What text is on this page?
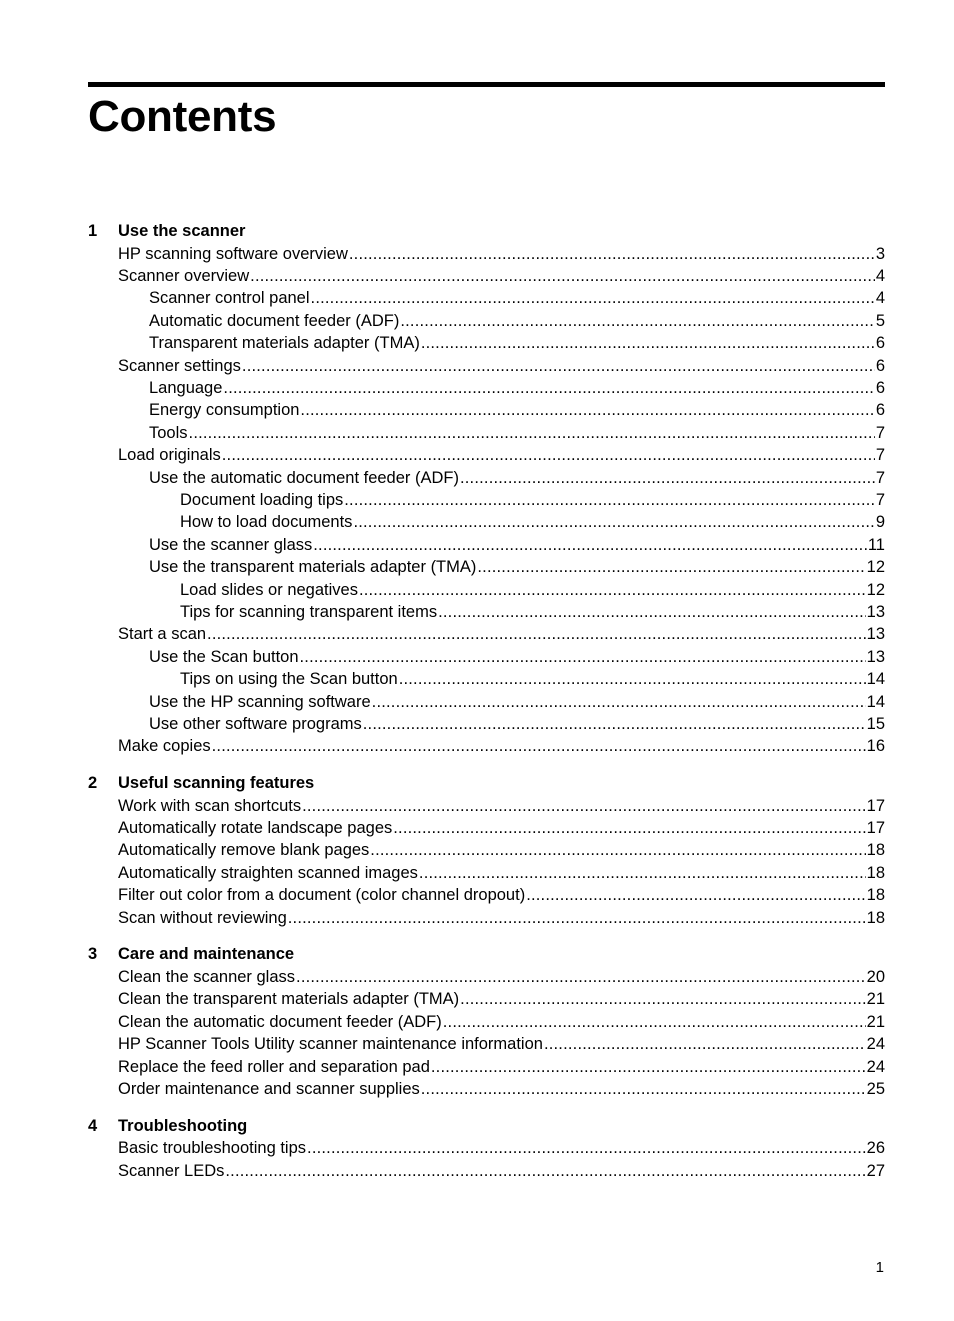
Contents
1	Use the scanner
HP scanning software overview .....	3
Scanner overview .....	4
Scanner control panel .....	4
Automatic document feeder (ADF) .....	5
Transparent materials adapter (TMA) .....	6
Scanner settings .....	6
Language .....	6
Energy consumption .....	6
Tools .....	7
Load originals .....	7
Use the automatic document feeder (ADF) .....	7
Document loading tips .....	7
How to load documents .....	9
Use the scanner glass .....	11
Use the transparent materials adapter (TMA) .....	12
Load slides or negatives .....	12
Tips for scanning transparent items .....	13
Start a scan .....	13
Use the Scan button .....	13
Tips on using the Scan button .....	14
Use the HP scanning software .....	14
Use other software programs .....	15
Make copies .....	16
2	Useful scanning features
Work with scan shortcuts .....	17
Automatically rotate landscape pages .....	17
Automatically remove blank pages .....	18
Automatically straighten scanned images .....	18
Filter out color from a document (color channel dropout) .....	18
Scan without reviewing .....	18
3	Care and maintenance
Clean the scanner glass .....	20
Clean the transparent materials adapter (TMA) .....	21
Clean the automatic document feeder (ADF) .....	21
HP Scanner Tools Utility scanner maintenance information .....	24
Replace the feed roller and separation pad .....	24
Order maintenance and scanner supplies .....	25
4	Troubleshooting
Basic troubleshooting tips .....	26
Scanner LEDs .....	27
1
